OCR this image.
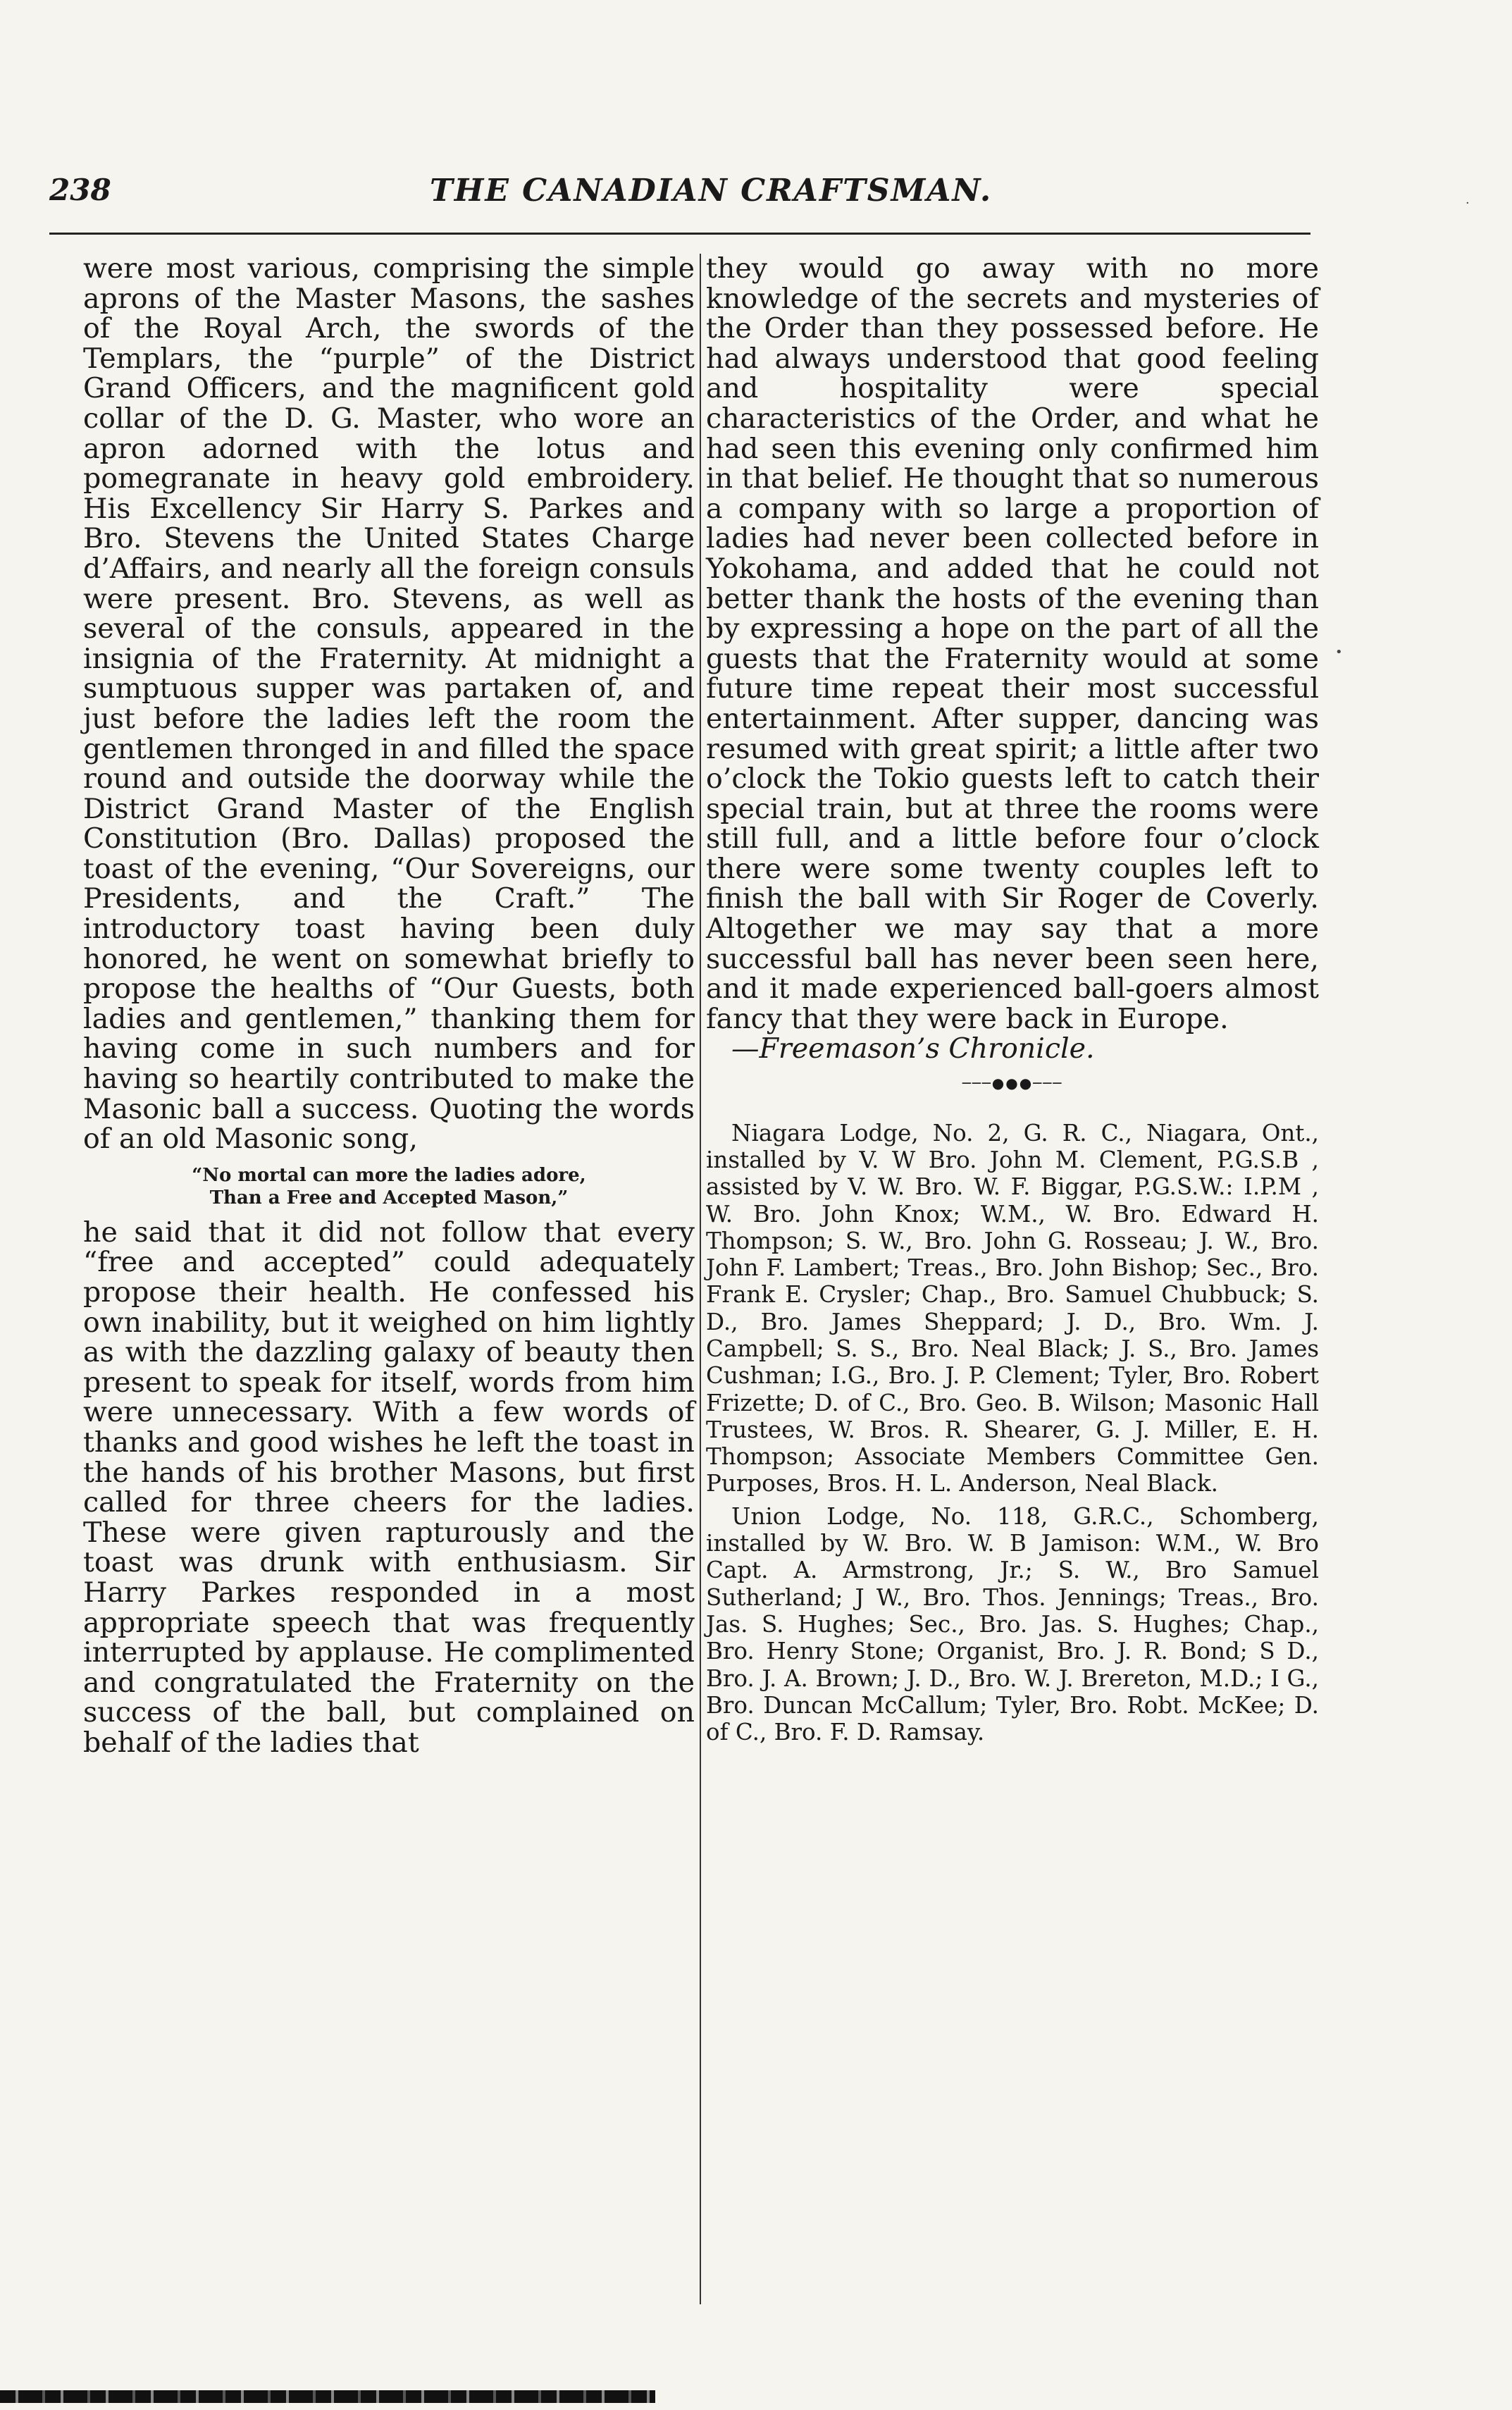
238	THE CANADIAN CRAFTSMAN.

were most various, comprising the simple aprons of the Master Masons, the sashes of the Royal Arch, the swords of the Templars, the “purple” of the District Grand Officers, and the magnificent gold collar of the D. G. Master, who wore an apron adorned with the lotus and pomegranate in heavy gold embroidery. His Excellency Sir Harry S. Parkes and Bro. Stevens the United States Charge d’Affairs, and nearly all the foreign consuls were present. Bro. Stevens, as well as several of the consuls, appeared in the insignia of the Fraternity. At midnight a sumptuous supper was partaken of, and just before the ladies left the room the gentlemen thronged in and filled the space round and outside the doorway while the District Grand Master of the English Constitution (Bro. Dallas) proposed the toast of the evening, “Our Sovereigns, our Presidents, and the Craft.” The introductory toast having been duly honored, he went on somewhat briefly to propose the healths of “Our Guests, both ladies and gentlemen,” thanking them for having come in such numbers and for having so heartily contributed to make the Masonic ball a success. Quoting the words of an old Masonic song,

“No mortal can more the ladies adore,
Than a Free and Accepted Mason,”

he said that it did not follow that every “free and accepted” could adequately propose their health. He confessed his own inability, but it weighed on him lightly as with the dazzling galaxy of beauty then present to speak for itself, words from him were unnecessary. With a few words of thanks and good wishes he left the toast in the hands of his brother Masons, but first called for three cheers for the ladies. These were given rapturously and the toast was drunk with enthusiasm. Sir Harry Parkes responded in a most appropriate speech that was frequently interrupted by applause. He complimented and congratulated the Fraternity on the success of the ball, but complained on behalf of the ladies that

they would go away with no more knowledge of the secrets and mysteries of the Order than they possessed before. He had always understood that good feeling and hospitality were special characteristics of the Order, and what he had seen this evening only confirmed him in that belief. He thought that so numerous a company with so large a proportion of ladies had never been collected before in Yokohama, and added that he could not better thank the hosts of the evening than by expressing a hope on the part of all the guests that the Fraternity would at some future time repeat their most successful entertainment. After supper, dancing was resumed with great spirit; a little after two o’clock the Tokio guests left to catch their special train, but at three the rooms were still full, and a little before four o’clock there were some twenty couples left to finish the ball with Sir Roger de Coverly. Altogether we may say that a more successful ball has never been seen here, and it made experienced ball-goers almost fancy that they were back in Europe.

—Freemason’s Chronicle.

───●●●───

Niagara Lodge, No. 2, G. R. C., Niagara, Ont., installed by V. W Bro. John M. Clement, P.G.S.B , assisted by V. W. Bro. W. F. Biggar, P.G.S.W.: I.P.M , W. Bro. John Knox; W.M., W. Bro. Edward H. Thompson; S. W., Bro. John G. Rosseau; J. W., Bro. John F. Lambert; Treas., Bro. John Bishop; Sec., Bro. Frank E. Crysler; Chap., Bro. Samuel Chubbuck; S. D., Bro. James Sheppard; J. D., Bro. Wm. J. Campbell; S. S., Bro. Neal Black; J. S., Bro. James Cushman; I.G., Bro. J. P. Clement; Tyler, Bro. Robert Frizette; D. of C., Bro. Geo. B. Wilson; Masonic Hall Trustees, W. Bros. R. Shearer, G. J. Miller, E. H. Thompson; Associate Members Committee Gen. Purposes, Bros. H. L. Anderson, Neal Black.

Union Lodge, No. 118, G.R.C., Schomberg, installed by W. Bro. W. B Jamison: W.M., W. Bro Capt. A. Armstrong, Jr.; S. W., Bro Samuel Sutherland; J W., Bro. Thos. Jennings; Treas., Bro. Jas. S. Hughes; Sec., Bro. Jas. S. Hughes; Chap., Bro. Henry Stone; Organist, Bro. J. R. Bond; S D., Bro. J. A. Brown; J. D., Bro. W. J. Brereton, M.D.; I G., Bro. Duncan McCallum; Tyler, Bro. Robt. McKee; D. of C., Bro. F. D. Ramsay.

•
·
